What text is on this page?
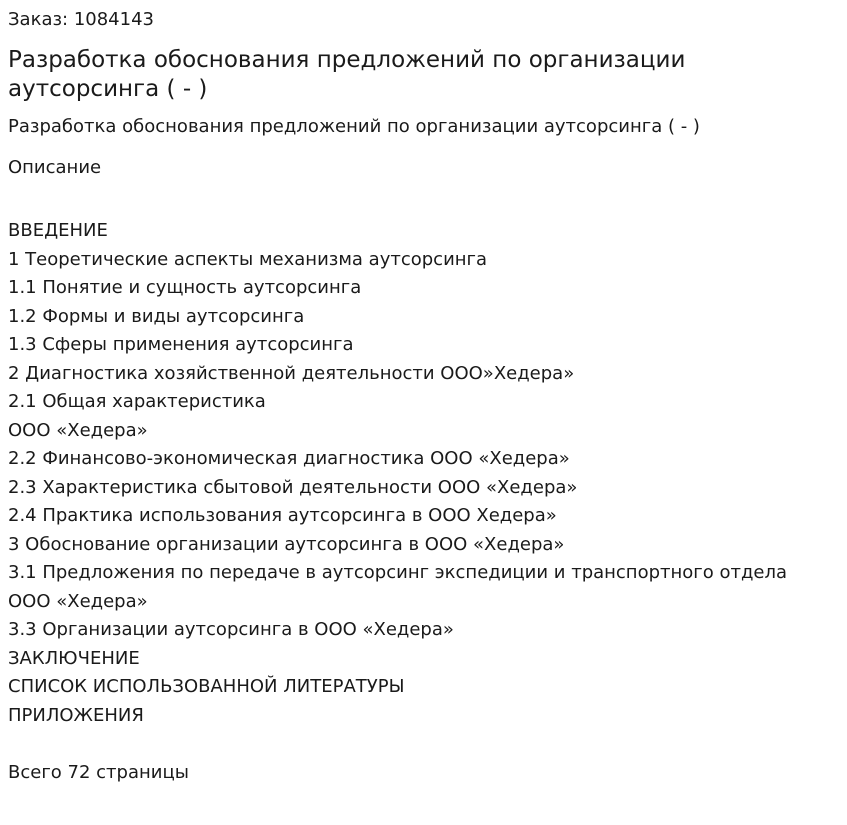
Заказ: 1084143

Разработка обоснования предложений по организации аутсорсинга ( - )

Разработка обоснования предложений по организации аутсорсинга ( - )

Описание

ВВЕДЕНИЕ
1 Теоретические аспекты механизма аутсорсинга
1.1 Понятие и сущность аутсорсинга
1.2 Формы и виды аутсорсинга
1.3 Сферы применения аутсорсинга
2 Диагностика хозяйственной деятельности ООО»Хедера»
2.1 Общая характеристика
ООО «Хедера»
2.2 Финансово-экономическая диагностика ООО «Хедера»
2.3 Характеристика сбытовой деятельности ООО «Хедера»
2.4 Практика использования аутсорсинга в ООО Хедера»
3 Обоснование организации аутсорсинга в ООО «Хедера»
3.1 Предложения по передаче в аутсорсинг экспедиции и транспортного отдела
ООО «Хедера»
3.3 Организации аутсорсинга в ООО «Хедера»
ЗАКЛЮЧЕНИЕ
СПИСОК ИСПОЛЬЗОВАННОЙ ЛИТЕРАТУРЫ
ПРИЛОЖЕНИЯ

Всего 72 страницы
